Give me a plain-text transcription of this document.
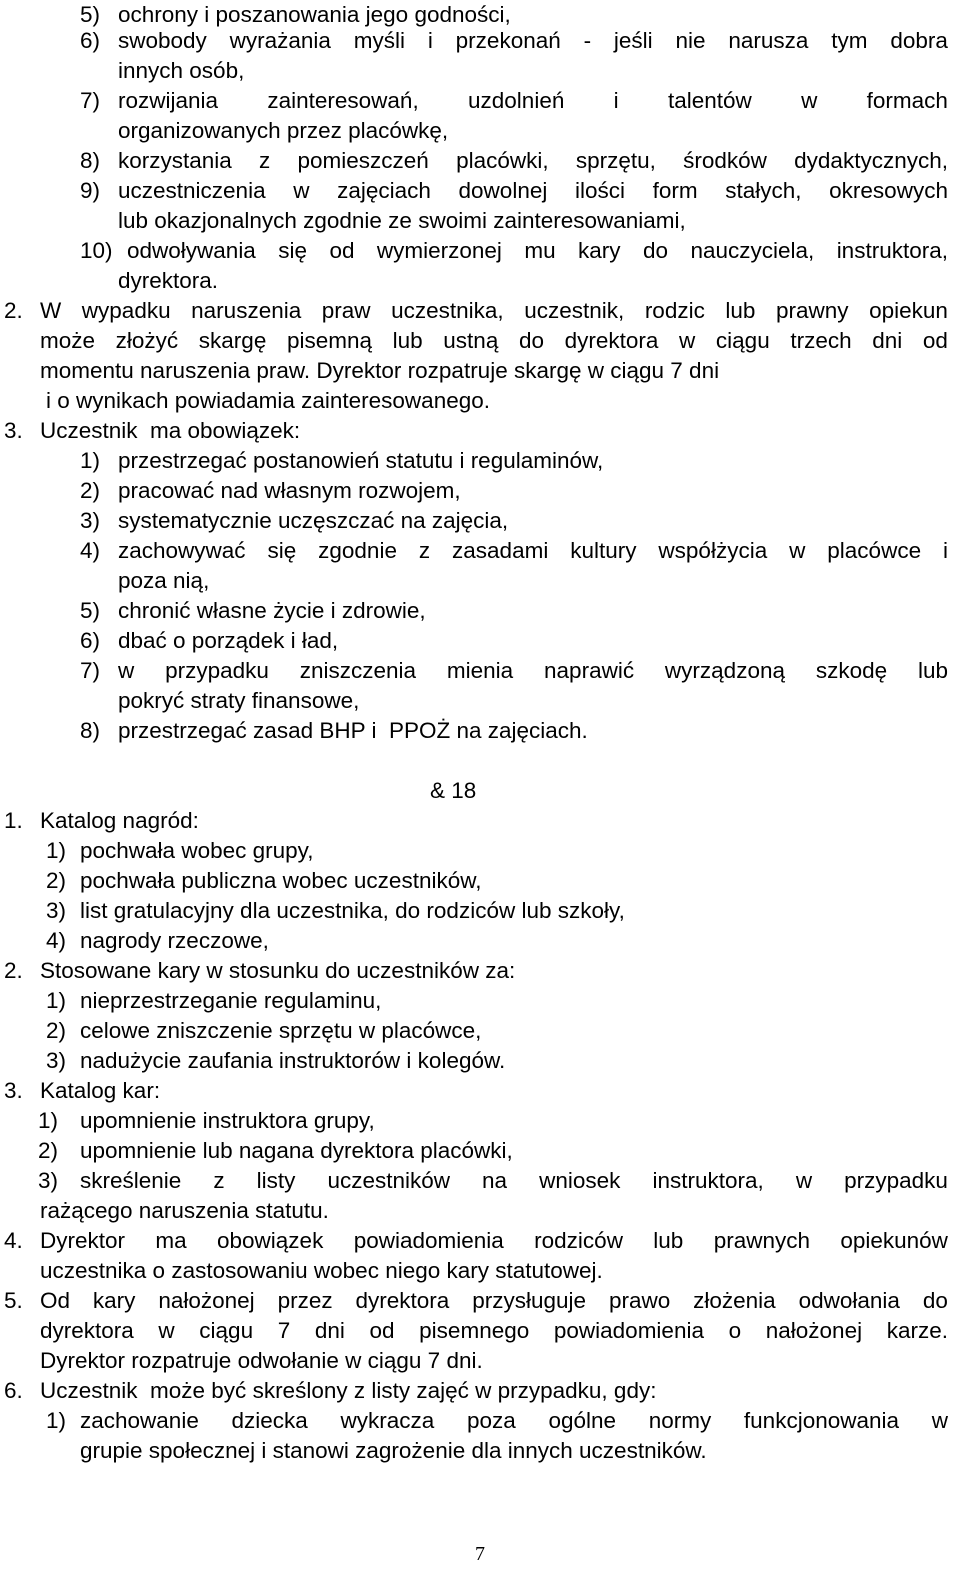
5) ochrony i poszanowania jego godności,
6) swobody wyrażania myśli i przekonań - jeśli nie narusza tym dobra
innych osób,
7) rozwijania zainteresowań, uzdolnień i talentów w formach
organizowanych przez placówkę,
8) korzystania z pomieszczeń placówki, sprzętu, środków dydaktycznych,
9) uczestniczenia w zajęciach dowolnej ilości form stałych, okresowych
lub okazjonalnych zgodnie ze swoimi zainteresowaniami,
10) odwoływania się od wymierzonej mu kary do nauczyciela, instruktora,
dyrektora.
2. W wypadku naruszenia praw uczestnika, uczestnik, rodzic lub prawny opiekun
może złożyć skargę pisemną lub ustną do dyrektora w ciągu trzech dni od
momentu naruszenia praw. Dyrektor rozpatruje skargę w ciągu 7 dni
i o wynikach powiadamia zainteresowanego.
3. Uczestnik  ma obowiązek:
1) przestrzegać postanowień statutu i regulaminów,
2) pracować nad własnym rozwojem,
3) systematycznie uczęszczać na zajęcia,
4) zachowywać się zgodnie z zasadami kultury współżycia w placówce i
poza nią,
5) chronić własne życie i zdrowie,
6) dbać o porządek i ład,
7) w przypadku zniszczenia mienia naprawić wyrządzoną szkodę lub
pokryć straty finansowe,
8) przestrzegać zasad BHP i  PPOŻ na zajęciach.
& 18
1. Katalog nagród:
1) pochwała wobec grupy,
2) pochwała publiczna wobec uczestników,
3) list gratulacyjny dla uczestnika, do rodziców lub szkoły,
4) nagrody rzeczowe,
2. Stosowane kary w stosunku do uczestników za:
1) nieprzestrzeganie regulaminu,
2) celowe zniszczenie sprzętu w placówce,
3) nadużycie zaufania instruktorów i kolegów.
3. Katalog kar:
1) upomnienie instruktora grupy,
2) upomnienie lub nagana dyrektora placówki,
3) skreślenie z listy uczestników na wniosek instruktora, w przypadku
rażącego naruszenia statutu.
4. Dyrektor ma obowiązek powiadomienia rodziców lub prawnych opiekunów
uczestnika o zastosowaniu wobec niego kary statutowej.
5. Od kary nałożonej przez dyrektora przysługuje prawo złożenia odwołania do
dyrektora w ciągu 7 dni od pisemnego powiadomienia o nałożonej karze.
Dyrektor rozpatruje odwołanie w ciągu 7 dni.
6. Uczestnik  może być skreślony z listy zajęć w przypadku, gdy:
1) zachowanie dziecka wykracza poza ogólne normy funkcjonowania w
grupie społecznej i stanowi zagrożenie dla innych uczestników.
7
